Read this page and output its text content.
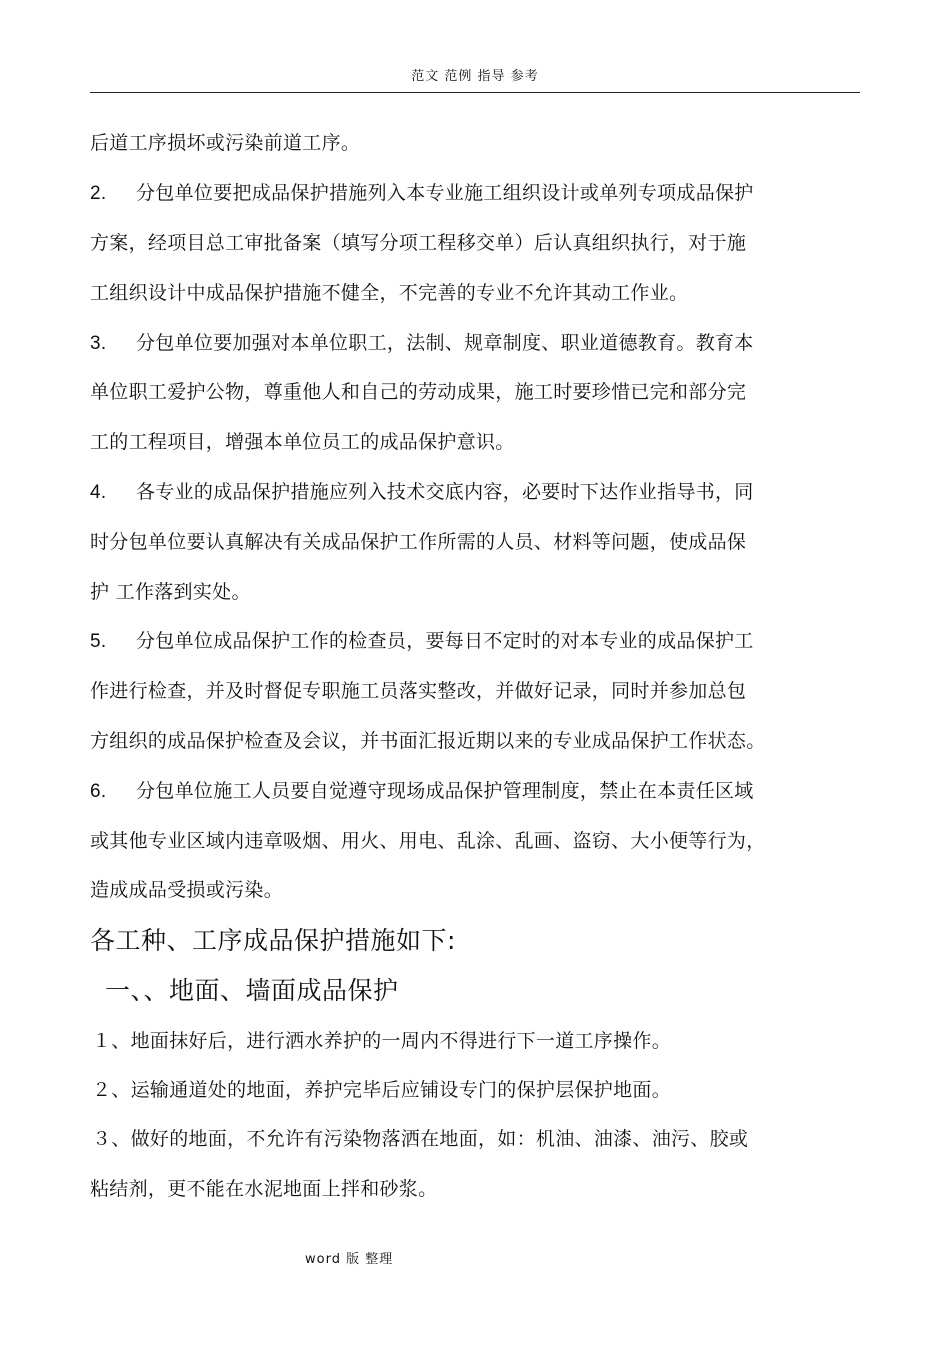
范文 范例 指导 参考
后道工序损坏或污染前道工序。
2. 分包单位要把成品保护措施列入本专业施工组织设计或单列专项成品保护
方案，经项目总工审批备案（填写分项工程移交单）后认真组织执行，对于施
工组织设计中成品保护措施不健全，不完善的专业不允许其动工作业。
3. 分包单位要加强对本单位职工，法制、规章制度、职业道德教育。教育本
单位职工爱护公物，尊重他人和自己的劳动成果，施工时要珍惜已完和部分完
工的工程项目，增强本单位员工的成品保护意识。
4. 各专业的成品保护措施应列入技术交底内容，必要时下达作业指导书，同
时分包单位要认真解决有关成品保护工作所需的人员、材料等问题，使成品保
护 工作落到实处。
5. 分包单位成品保护工作的检查员，要每日不定时的对本专业的成品保护工
作进行检查，并及时督促专职施工员落实整改，并做好记录，同时并参加总包
方组织的成品保护检查及会议，并书面汇报近期以来的专业成品保护工作状态。
6. 分包单位施工人员要自觉遵守现场成品保护管理制度，禁止在本责任区域
或其他专业区域内违章吸烟、用火、用电、乱涂、乱画、盗窃、大小便等行为，
造成成品受损或污染。
各工种、工序成品保护措施如下:
一、、地面、墙面成品保护
１、地面抹好后，进行洒水养护的一周内不得进行下一道工序操作。
２、运输通道处的地面，养护完毕后应铺设专门的保护层保护地面。
３、做好的地面，不允许有污染物落洒在地面，如：机油、油漆、油污、胶或
粘结剂，更不能在水泥地面上拌和砂浆。
word 版 整理
